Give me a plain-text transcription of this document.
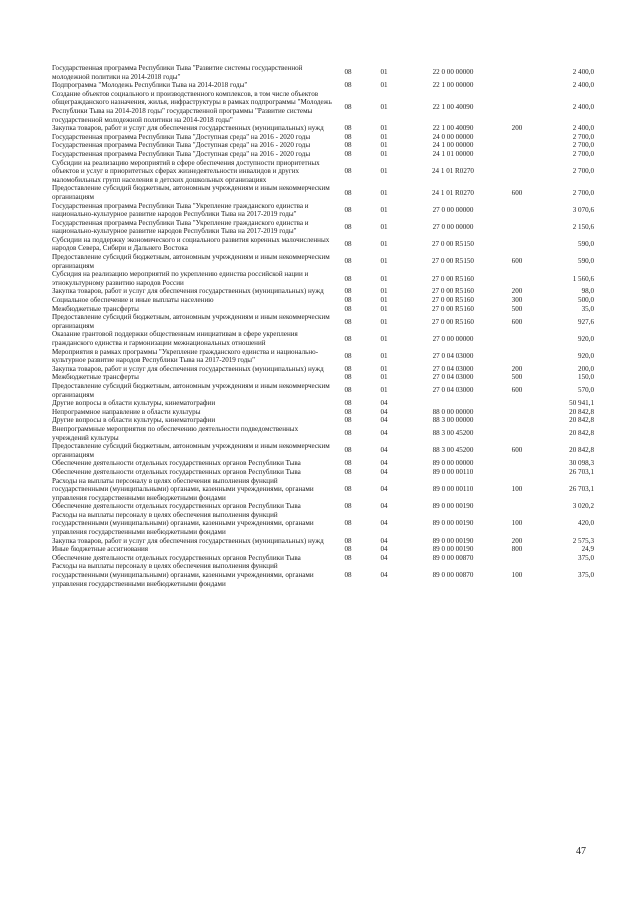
Государственная программа Республики Тыва "Развитие системы государственной молодежной политики на 2014-2018 годы"	08	01	22 0 00 00000		2 400,0
Подпрограмма "Молодежь Республики Тыва на 2014-2018 годы"	08	01	22 1 00 00000		2 400,0
Создание объектов социального и производственного комплексов, в том числе объектов общегражданского назначения, жилья, инфраструктуры в рамках подпрограммы "Молодежь Республики Тыва на 2014-2018 годы" государственной программы "Развитие системы государственной молодежной политики на 2014-2018 годы"	08	01	22 1 00 40090		2 400,0
Закупка товаров, работ и услуг для обеспечения государственных (муниципальных) нужд	08	01	22 1 00 40090	200	2 400,0
Государственная программа Республики Тыва "Доступная среда" на 2016 - 2020 годы	08	01	24 0 00 00000		2 700,0
Государственная программа Республики Тыва "Доступная среда" на 2016 - 2020 годы	08	01	24 1 00 00000		2 700,0
Государственная программа Республики Тыва "Доступная среда" на 2016 - 2020 годы	08	01	24 1 01 00000		2 700,0
Субсидии на реализацию мероприятий в сфере обеспечения доступности приоритетных объектов и услуг в приоритетных сферах жизнедеятельности инвалидов и других маломобильных групп населения в детских дошкольных организациях	08	01	24 1 01 R0270		2 700,0
Предоставление субсидий бюджетным, автономным учреждениям и иным некоммерческим организациям	08	01	24 1 01 R0270	600	2 700,0
Государственная программа Республики Тыва "Укрепление гражданского единства и национально-культурное развитие народов Республики Тыва на 2017-2019 годы"	08	01	27 0 00 00000		3 070,6
Государственная программа Республики Тыва "Укрепление гражданского единства и национально-культурное развитие народов Республики Тыва на 2017-2019 годы"	08	01	27 0 00 00000		2 150,6
Субсидии на поддержку экономического и социального развития коренных малочисленных народов Севера, Сибири и Дальнего Востока	08	01	27 0 00 R5150		590,0
Предоставление субсидий бюджетным, автономным учреждениям и иным некоммерческим организациям	08	01	27 0 00 R5150	600	590,0
Субсидия на реализацию мероприятий по укреплению единства российской нации и этнокультурному развитию народов России	08	01	27 0 00 R5160		1 560,6
Закупка товаров, работ и услуг для обеспечения государственных (муниципальных) нужд	08	01	27 0 00 R5160	200	98,0
Социальное обеспечение и иные выплаты населению	08	01	27 0 00 R5160	300	500,0
Межбюджетные трансферты	08	01	27 0 00 R5160	500	35,0
Предоставление субсидий бюджетным, автономным учреждениям и иным некоммерческим организациям	08	01	27 0 00 R5160	600	927,6
Оказание грантовой поддержки общественным инициативам в сфере укрепления гражданского единства и гармонизации межнациональных отношений	08	01	27 0 00 00000		920,0
Мероприятия в рамках программы "Укрепление гражданского единства и национально-культурное развитие народов Республики Тыва на 2017-2019 годы"	08	01	27 0 04 03000		920,0
Закупка товаров, работ и услуг для обеспечения государственных (муниципальных) нужд	08	01	27 0 04 03000	200	200,0
Межбюджетные трансферты	08	01	27 0 04 03000	500	150,0
Предоставление субсидий бюджетным, автономным учреждениям и иным некоммерческим организациям	08	01	27 0 04 03000	600	570,0
Другие вопросы в области культуры, кинематографии	08	04			50 941,1
Непрограммное направление в области культуры	08	04	88 0 00 00000		20 842,8
Другие вопросы в области культуры, кинематографии	08	04	88 3 00 00000		20 842,8
Внепрограммные мероприятия по обеспечению деятельности подведомственных учреждений культуры	08	04	88 3 00 45200		20 842,8
Предоставление субсидий бюджетным, автономным учреждениям и иным некоммерческим организациям	08	04	88 3 00 45200	600	20 842,8
Обеспечение деятельности отдельных государственных органов Республики Тыва	08	04	89 0 00 00000		30 098,3
Обеспечение деятельности отдельных государственных органов Республики Тыва	08	04	89 0 00 00110		26 703,1
Расходы на выплаты персоналу в целях обеспечения выполнения функций государственными (муниципальными) органами, казенными учреждениями, органами управления государственными внебюджетными фондами	08	04	89 0 00 00110	100	26 703,1
Обеспечение деятельности отдельных государственных органов Республики Тыва	08	04	89 0 00 00190		3 020,2
Расходы на выплаты персоналу в целях обеспечения выполнения функций государственными (муниципальными) органами, казенными учреждениями, органами управления государственными внебюджетными фондами	08	04	89 0 00 00190	100	420,0
Закупка товаров, работ и услуг для обеспечения государственных (муниципальных) нужд	08	04	89 0 00 00190	200	2 575,3
Иные бюджетные ассигнования	08	04	89 0 00 00190	800	24,9
Обеспечение деятельности отдельных государственных органов Республики Тыва	08	04	89 0 00 00870		375,0
Расходы на выплаты персоналу в целях обеспечения выполнения функций государственными (муниципальными) органами, казенными учреждениями, органами управления государственными внебюджетными фондами	08	04	89 0 00 00870	100	375,0
47
